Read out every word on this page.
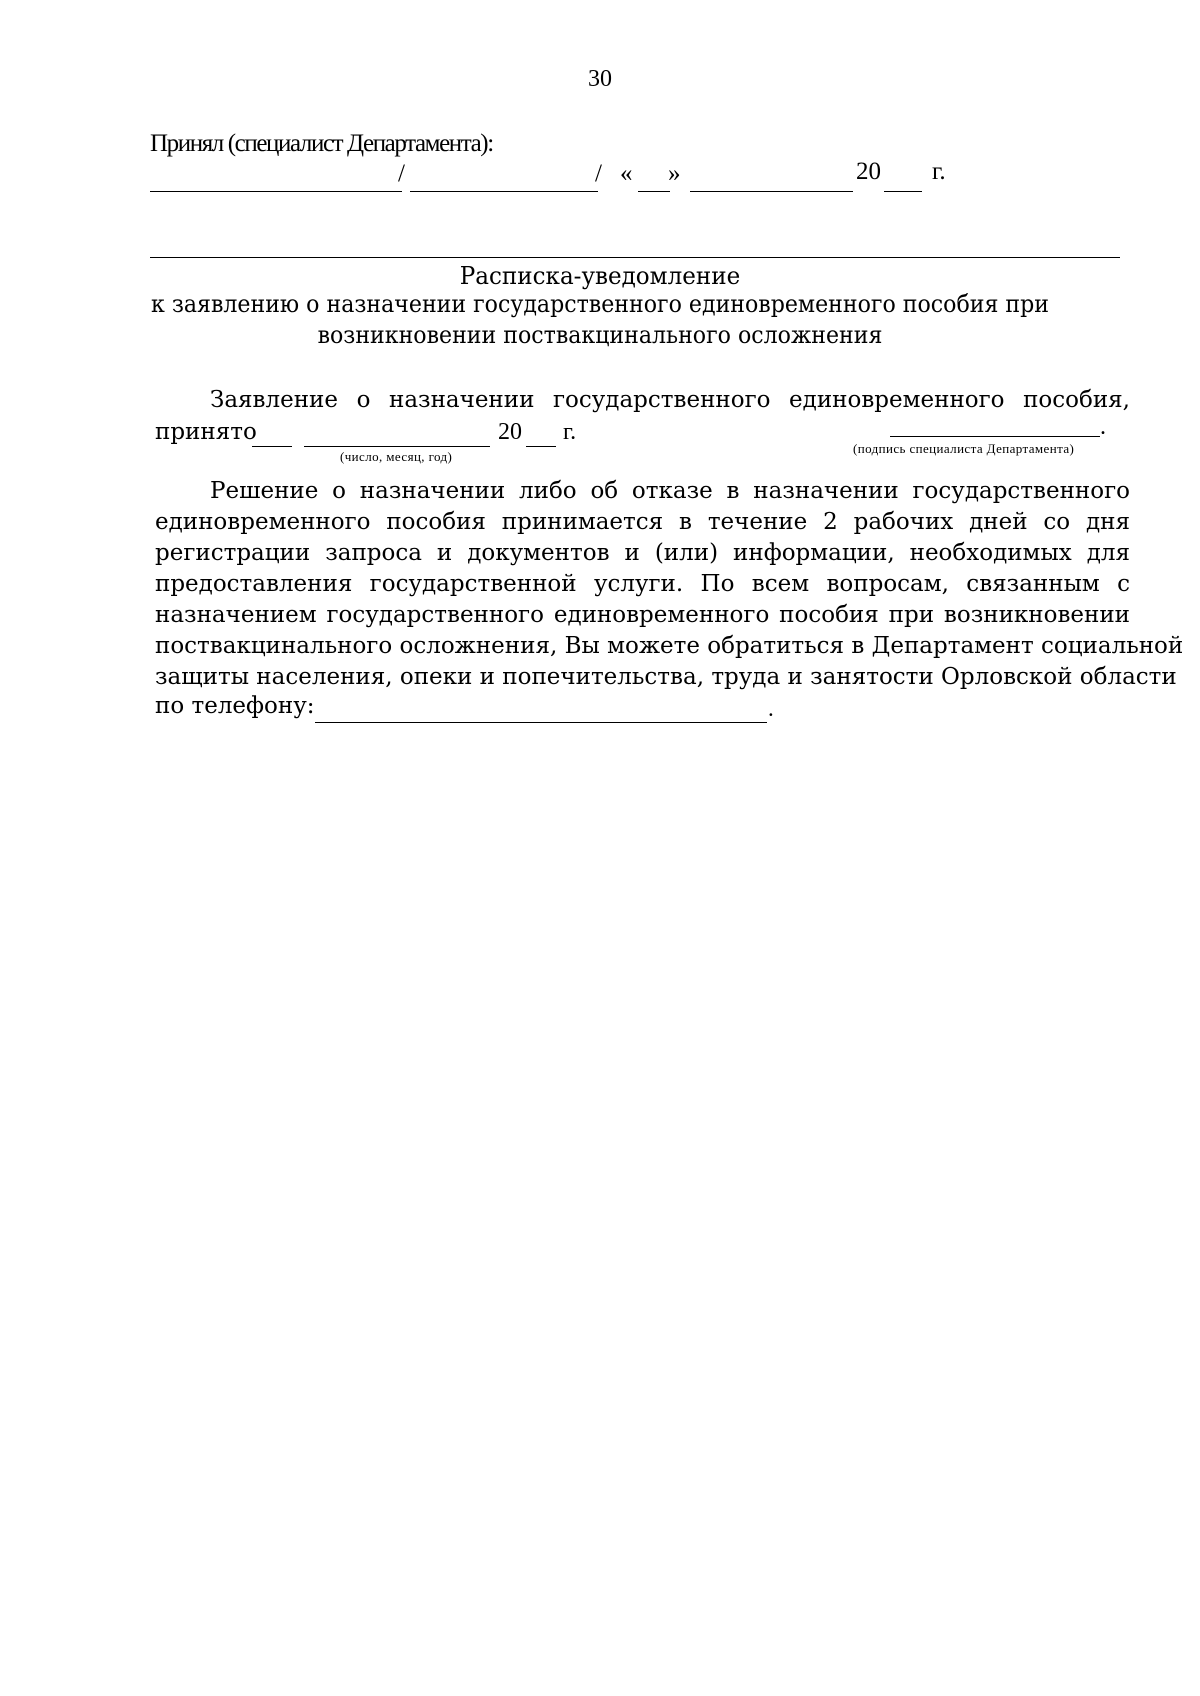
30
Принял (специалист Департамента):
/	/ « »	20 г.
Расписка-уведомление
к заявлению о назначении государственного единовременного пособия при
возникновении поствакцинального осложнения
Заявление о назначении государственного единовременного пособия,
принято	20 г.
(число, месяц, год)
.
(подпись специалиста Департамента)
Решение о назначении либо об отказе в назначении государственного
единовременного пособия принимается в течение 2 рабочих дней со дня
регистрации запроса и документов и (или) информации, необходимых для
предоставления государственной услуги. По всем вопросам, связанным с
назначением государственного единовременного пособия при возникновении
поствакцинального осложнения, Вы можете обратиться в Департамент социальной
защиты населения, опеки и попечительства, труда и занятости Орловской области
по телефону:	.
